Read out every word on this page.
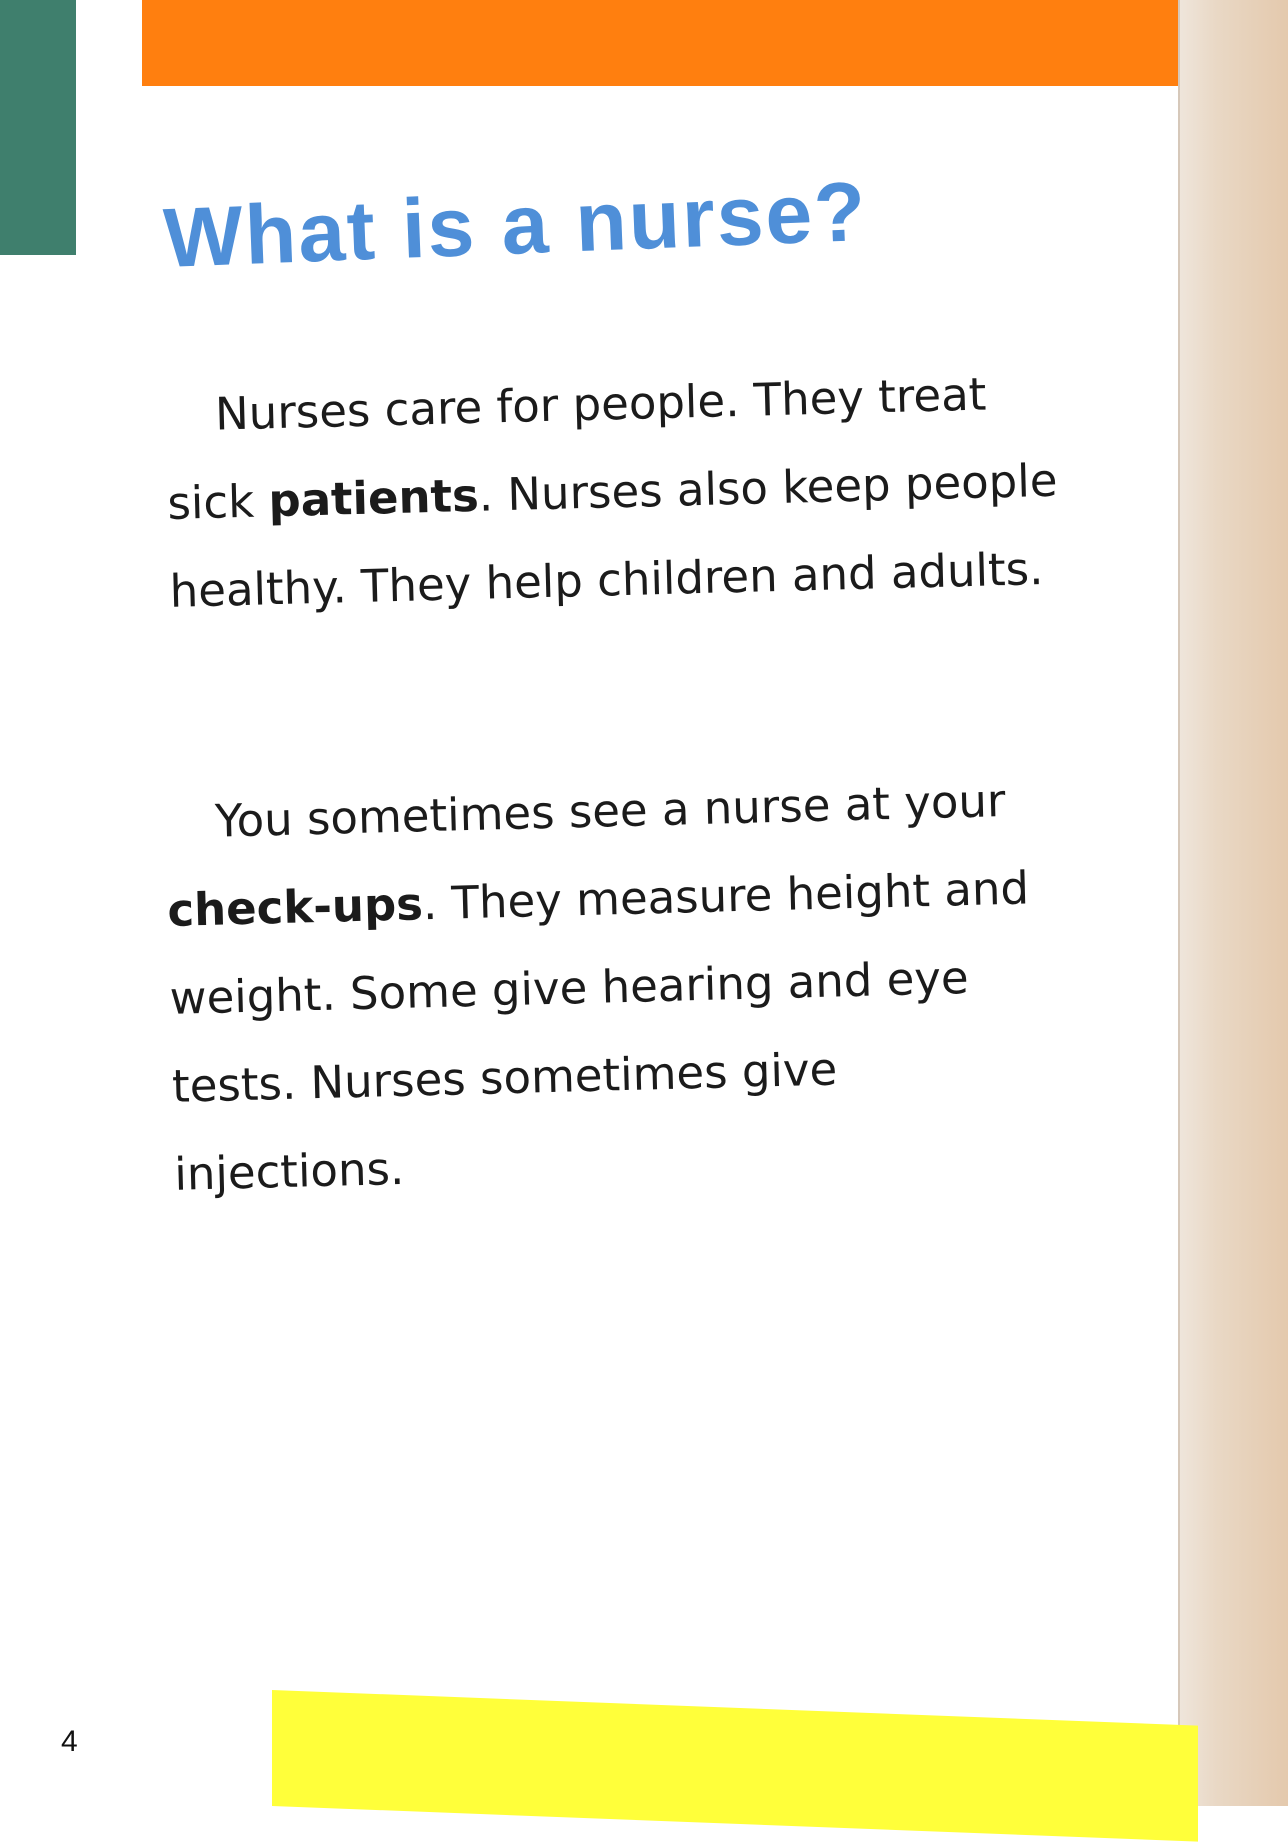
What is a nurse?

Nurses care for people. They treat sick patients. Nurses also keep people healthy. They help children and adults.

You sometimes see a nurse at your check-ups. They measure height and weight. Some give hearing and eye tests. Nurses sometimes give injections.

4
